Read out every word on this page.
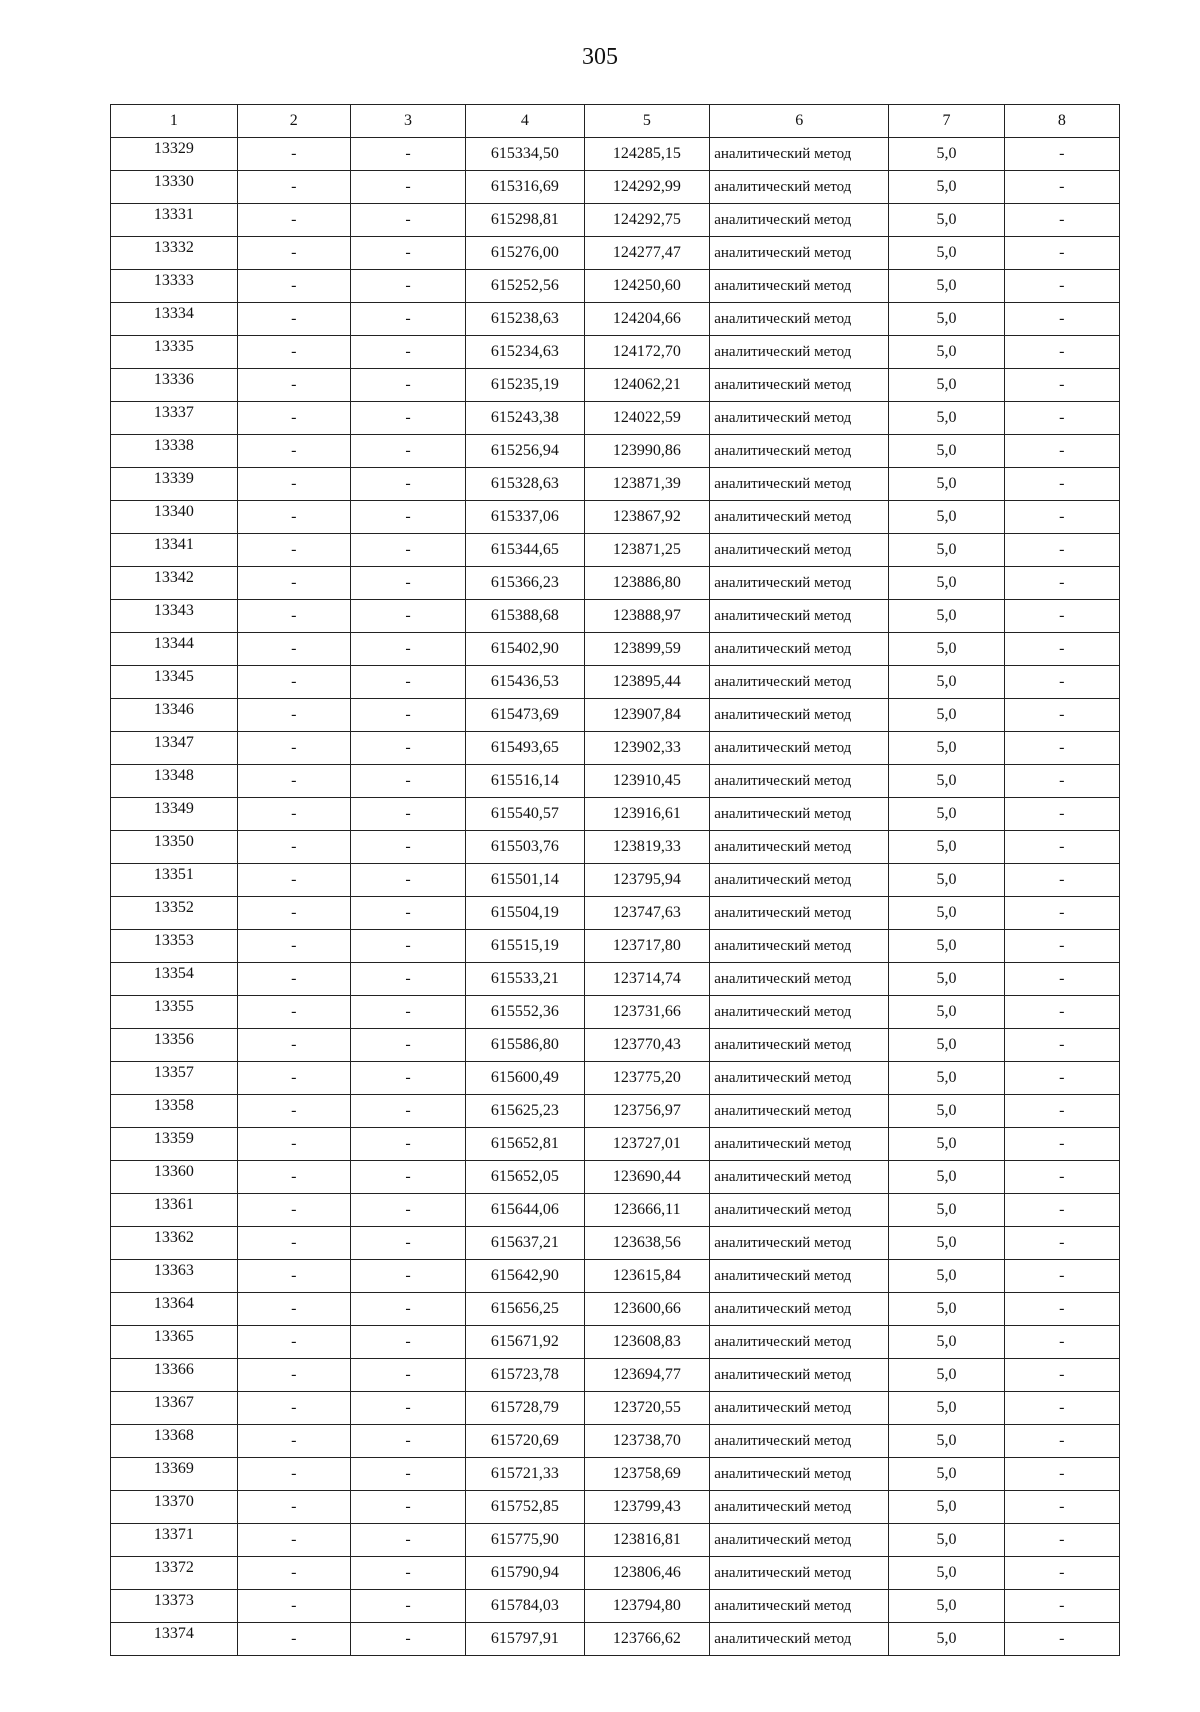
305
1	2	3	4	5	6	7	8
13329	-	-	615334,50	124285,15	аналитический метод	5,0	-
13330	-	-	615316,69	124292,99	аналитический метод	5,0	-
13331	-	-	615298,81	124292,75	аналитический метод	5,0	-
13332	-	-	615276,00	124277,47	аналитический метод	5,0	-
13333	-	-	615252,56	124250,60	аналитический метод	5,0	-
13334	-	-	615238,63	124204,66	аналитический метод	5,0	-
13335	-	-	615234,63	124172,70	аналитический метод	5,0	-
13336	-	-	615235,19	124062,21	аналитический метод	5,0	-
13337	-	-	615243,38	124022,59	аналитический метод	5,0	-
13338	-	-	615256,94	123990,86	аналитический метод	5,0	-
13339	-	-	615328,63	123871,39	аналитический метод	5,0	-
13340	-	-	615337,06	123867,92	аналитический метод	5,0	-
13341	-	-	615344,65	123871,25	аналитический метод	5,0	-
13342	-	-	615366,23	123886,80	аналитический метод	5,0	-
13343	-	-	615388,68	123888,97	аналитический метод	5,0	-
13344	-	-	615402,90	123899,59	аналитический метод	5,0	-
13345	-	-	615436,53	123895,44	аналитический метод	5,0	-
13346	-	-	615473,69	123907,84	аналитический метод	5,0	-
13347	-	-	615493,65	123902,33	аналитический метод	5,0	-
13348	-	-	615516,14	123910,45	аналитический метод	5,0	-
13349	-	-	615540,57	123916,61	аналитический метод	5,0	-
13350	-	-	615503,76	123819,33	аналитический метод	5,0	-
13351	-	-	615501,14	123795,94	аналитический метод	5,0	-
13352	-	-	615504,19	123747,63	аналитический метод	5,0	-
13353	-	-	615515,19	123717,80	аналитический метод	5,0	-
13354	-	-	615533,21	123714,74	аналитический метод	5,0	-
13355	-	-	615552,36	123731,66	аналитический метод	5,0	-
13356	-	-	615586,80	123770,43	аналитический метод	5,0	-
13357	-	-	615600,49	123775,20	аналитический метод	5,0	-
13358	-	-	615625,23	123756,97	аналитический метод	5,0	-
13359	-	-	615652,81	123727,01	аналитический метод	5,0	-
13360	-	-	615652,05	123690,44	аналитический метод	5,0	-
13361	-	-	615644,06	123666,11	аналитический метод	5,0	-
13362	-	-	615637,21	123638,56	аналитический метод	5,0	-
13363	-	-	615642,90	123615,84	аналитический метод	5,0	-
13364	-	-	615656,25	123600,66	аналитический метод	5,0	-
13365	-	-	615671,92	123608,83	аналитический метод	5,0	-
13366	-	-	615723,78	123694,77	аналитический метод	5,0	-
13367	-	-	615728,79	123720,55	аналитический метод	5,0	-
13368	-	-	615720,69	123738,70	аналитический метод	5,0	-
13369	-	-	615721,33	123758,69	аналитический метод	5,0	-
13370	-	-	615752,85	123799,43	аналитический метод	5,0	-
13371	-	-	615775,90	123816,81	аналитический метод	5,0	-
13372	-	-	615790,94	123806,46	аналитический метод	5,0	-
13373	-	-	615784,03	123794,80	аналитический метод	5,0	-
13374	-	-	615797,91	123766,62	аналитический метод	5,0	-
